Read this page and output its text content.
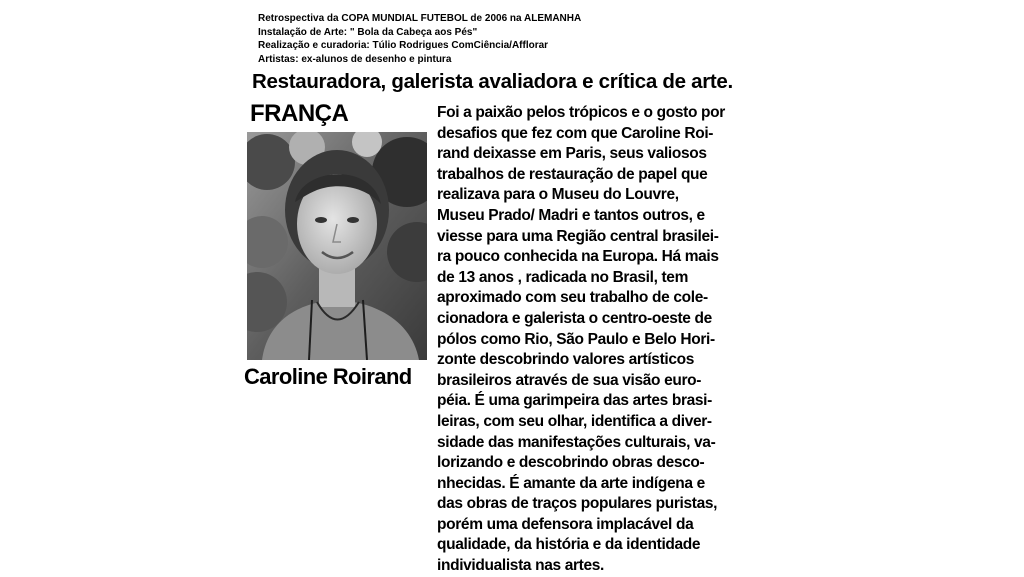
Retrospectiva da COPA MUNDIAL FUTEBOL de 2006 na ALEMANHA
Instalação de Arte: " Bola da Cabeça aos Pés"
Realização e curadoria: Túlio Rodrigues ComCiência/Afflorar
Artistas: ex-alunos de desenho e pintura
Restauradora, galerista avaliadora e crítica de arte.
FRANÇA
Caroline Roirand
Foi a paixão pelos trópicos e o gosto por
desafios que fez com que Caroline Roi-
rand deixasse em Paris, seus valiosos
trabalhos de restauração de papel que
realizava para o Museu do Louvre,
Museu Prado/ Madri e tantos outros, e
viesse para uma Região central brasilei-
ra pouco conhecida na Europa. Há mais
de 13 anos , radicada no Brasil, tem
aproximado com seu trabalho de cole-
cionadora e galerista o centro-oeste de
pólos como Rio, São Paulo e Belo Hori-
zonte descobrindo valores artísticos
brasileiros através de sua visão euro-
péia. É uma garimpeira das artes brasi-
leiras, com seu olhar, identifica a diver-
sidade das manifestações culturais, va-
lorizando e descobrindo obras desco-
nhecidas. É amante da arte indígena e
das obras de traços populares puristas,
porém uma defensora implacável da
qualidade, da história e da identidade
individualista nas artes.
